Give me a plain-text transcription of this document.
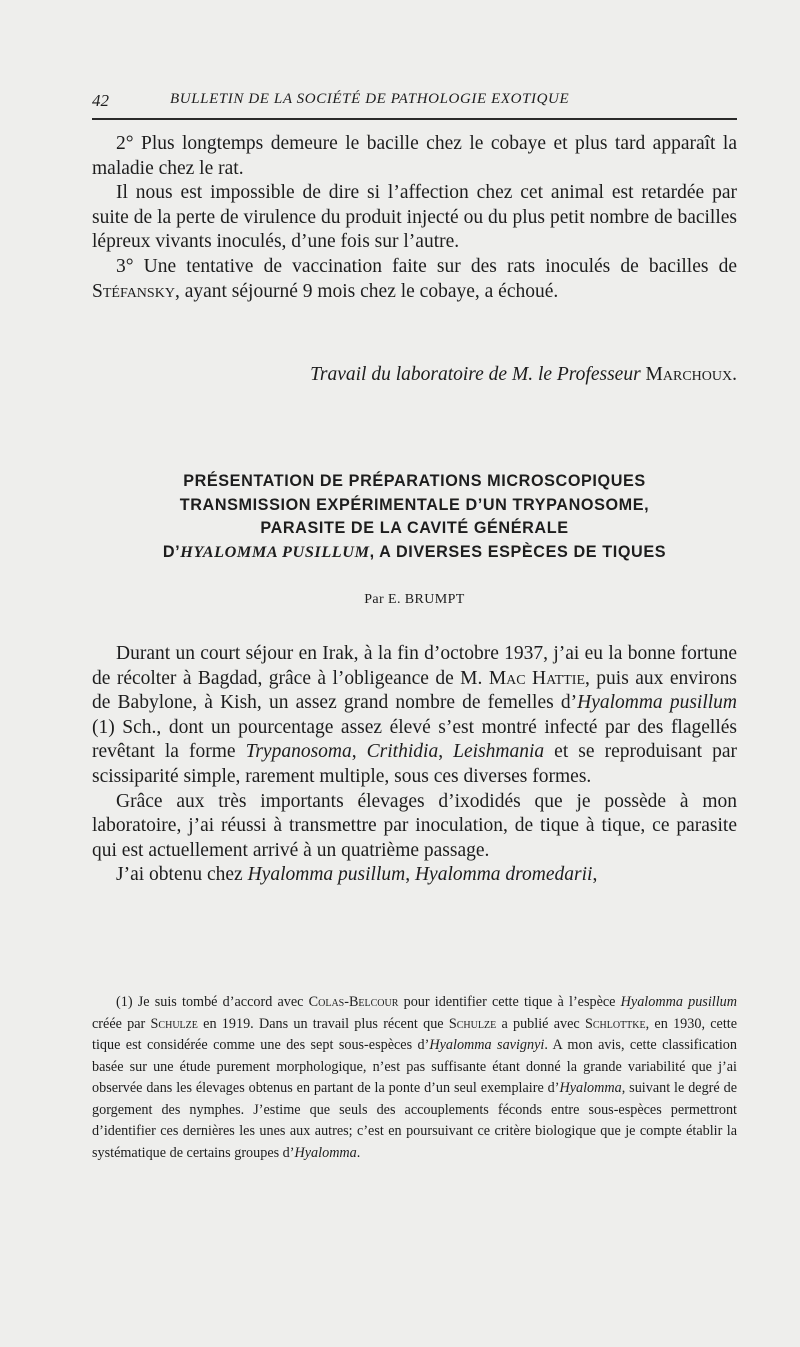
42	BULLETIN DE LA SOCIÉTÉ DE PATHOLOGIE EXOTIQUE

2° Plus longtemps demeure le bacille chez le cobaye et plus tard apparaît la maladie chez le rat.

Il nous est impossible de dire si l’affection chez cet animal est retardée par suite de la perte de virulence du produit injecté ou du plus petit nombre de bacilles lépreux vivants inoculés, d’une fois sur l’autre.

3° Une tentative de vaccination faite sur des rats inoculés de bacilles de Stéfansky, ayant séjourné 9 mois chez le cobaye, a échoué.

Travail du laboratoire de M. le Professeur Marchoux.
PRÉSENTATION DE PRÉPARATIONS MICROSCOPIQUES
TRANSMISSION EXPÉRIMENTALE D’UN TRYPANOSOME,
PARASITE DE LA CAVITÉ GÉNÉRALE
D’HYALOMMA PUSILLUM, A DIVERSES ESPÈCES DE TIQUES
Par E. BRUMPT

Durant un court séjour en Irak, à la fin d’octobre 1937, j’ai eu la bonne fortune de récolter à Bagdad, grâce à l’obligeance de M. Mac Hattie, puis aux environs de Babylone, à Kish, un assez grand nombre de femelles d’Hyalomma pusillum (1) Sch., dont un pourcentage assez élevé s’est montré infecté par des flagellés revêtant la forme Trypanosoma, Crithidia, Leishmania et se reproduisant par scissiparité simple, rarement multiple, sous ces diverses formes.

Grâce aux très importants élevages d’ixodidés que je possède à mon laboratoire, j’ai réussi à transmettre par inoculation, de tique à tique, ce parasite qui est actuellement arrivé à un quatrième passage.

J’ai obtenu chez Hyalomma pusillum, Hyalomma dromedarii,

(1) Je suis tombé d’accord avec Colas-Belcour pour identifier cette tique à l’espèce Hyalomma pusillum créée par Schulze en 1919. Dans un travail plus récent que Schulze a publié avec Schlottke, en 1930, cette tique est considérée comme une des sept sous-espèces d’Hyalomma savignyi. A mon avis, cette classification basée sur une étude purement morphologique, n’est pas suffisante étant donné la grande variabilité que j’ai observée dans les élevages obtenus en partant de la ponte d’un seul exemplaire d’Hyalomma, suivant le degré de gorgement des nymphes. J’estime que seuls des accouplements féconds entre sous-espèces permettront d’identifier ces dernières les unes aux autres; c’est en poursuivant ce critère biologique que je compte établir la systématique de certains groupes d’Hyalomma.
